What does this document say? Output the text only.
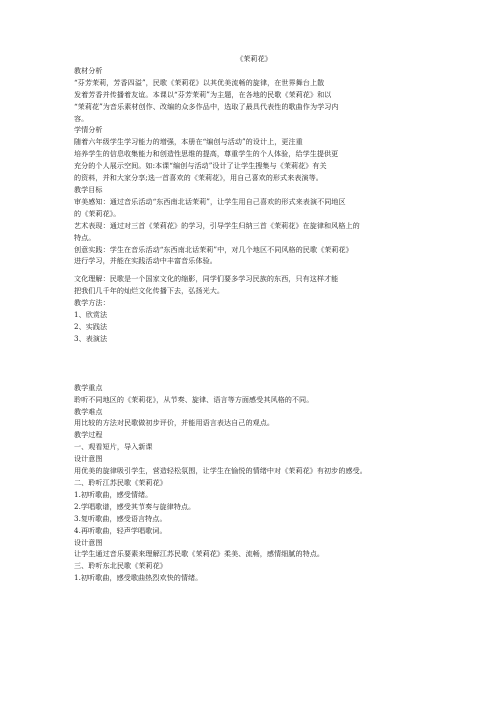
《茉莉花》
教材分析
“芬芳茉莉，芳香四溢”，民歌《茉莉花》以其优美流畅的旋律，在世界舞台上散
发着芳香并传播着友谊。本课以“芬芳茉莉”为主题，在各地的民歌《茉莉花》和以
“茉莉花”为音乐素材创作、改编的众多作品中，选取了最具代表性的歌曲作为学习内
容。
学情分析
随着六年级学生学习能力的增强，本册在“编创与活动”的设计上，更注重
培养学生的信息收集能力和创造性思维的提高，尊重学生的个人体验，给学生提供更
充分的个人展示空间。如:本课“编创与活动”设计了让学生搜集与《茉莉花》有关
的资料，并和大家分享;选一首喜欢的《茉莉花》，用自己喜欢的形式来表演等。
教学目标
审美感知：通过音乐活动“东西南北话茉莉”，让学生用自己喜欢的形式来表演不同地区
的《茉莉花》。
艺术表现：通过对三首《茉莉花》的学习，引导学生归纳三首《茉莉花》在旋律和风格上的
特点。
创意实践：学生在音乐活动“东西南北话茉莉”中，对几个地区不同风格的民歌《茉莉花》
进行学习，并能在实践活动中丰富音乐体验。
文化理解：民歌是一个国家文化的缩影，同学们要多学习民族的东西，只有这样才能
把我们几千年的灿烂文化传播下去，弘扬光大。
教学方法：
1、欣赏法
2、实践法
3、表演法
教学重点
聆听不同地区的《茉莉花》，从节奏、旋律、语言等方面感受其风格的不同。
教学难点
用比较的方法对民歌做初步评价，并能用语言表达自己的观点。
教学过程
一、观看短片，导入新课
设计意图
用优美的旋律吸引学生，营造轻松氛围，让学生在愉悦的情绪中对《茉莉花》有初步的感受。
二、聆听江苏民歌《茉莉花》
1.初听歌曲，感受情绪。
2.学唱歌谱，感受其节奏与旋律特点。
3.复听歌曲，感受语言特点。
4.再听歌曲，轻声学唱歌词。
设计意图
让学生通过音乐要素来理解江苏民歌《茉莉花》柔美、流畅，感情细腻的特点。
三、聆听东北民歌《茉莉花》
1.初听歌曲，感受歌曲热烈欢快的情绪。
